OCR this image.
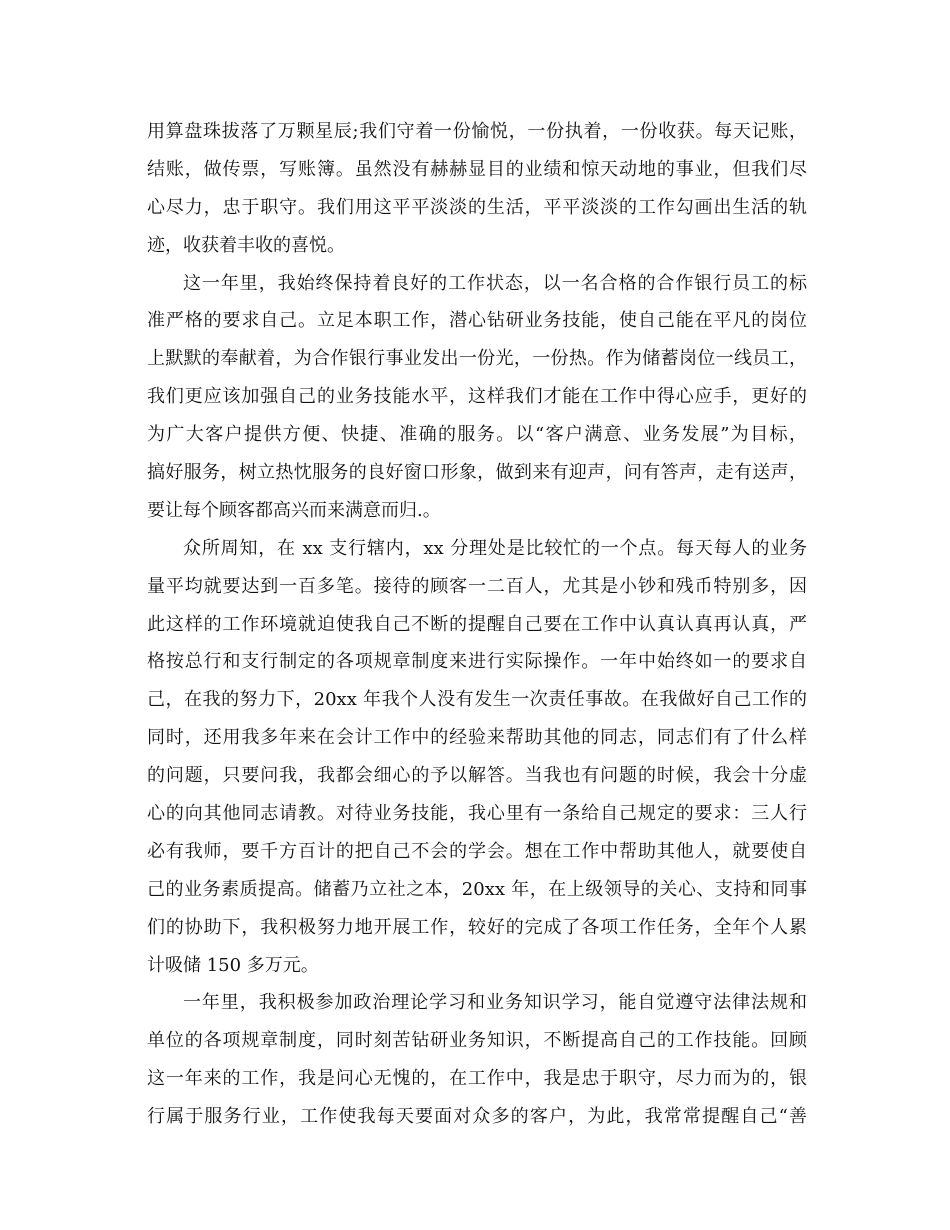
用算盘珠拔落了万颗星辰;我们守着一份愉悦，一份执着，一份收获。每天记账，
结账，做传票，写账簿。虽然没有赫赫显目的业绩和惊天动地的事业，但我们尽
心尽力，忠于职守。我们用这平平淡淡的生活，平平淡淡的工作勾画出生活的轨
迹，收获着丰收的喜悦。
这一年里，我始终保持着良好的工作状态，以一名合格的合作银行员工的标
准严格的要求自己。立足本职工作，潜心钻研业务技能，使自己能在平凡的岗位
上默默的奉献着，为合作银行事业发出一份光，一份热。作为储蓄岗位一线员工，
我们更应该加强自己的业务技能水平，这样我们才能在工作中得心应手，更好的
为广大客户提供方便、快捷、准确的服务。以“客户满意、业务发展”为目标，
搞好服务，树立热忱服务的良好窗口形象，做到来有迎声，问有答声，走有送声，
要让每个顾客都高兴而来满意而归.。
众所周知，在 xx 支行辖内，xx 分理处是比较忙的一个点。每天每人的业务
量平均就要达到一百多笔。接待的顾客一二百人，尤其是小钞和残币特别多，因
此这样的工作环境就迫使我自己不断的提醒自己要在工作中认真认真再认真，严
格按总行和支行制定的各项规章制度来进行实际操作。一年中始终如一的要求自
己，在我的努力下，20xx 年我个人没有发生一次责任事故。在我做好自己工作的
同时，还用我多年来在会计工作中的经验来帮助其他的同志，同志们有了什么样
的问题，只要问我，我都会细心的予以解答。当我也有问题的时候，我会十分虚
心的向其他同志请教。对待业务技能，我心里有一条给自己规定的要求：三人行
必有我师，要千方百计的把自己不会的学会。想在工作中帮助其他人，就要使自
己的业务素质提高。储蓄乃立社之本，20xx 年，在上级领导的关心、支持和同事
们的协助下，我积极努力地开展工作，较好的完成了各项工作任务，全年个人累
计吸储 150 多万元。
一年里，我积极参加政治理论学习和业务知识学习，能自觉遵守法律法规和
单位的各项规章制度，同时刻苦钻研业务知识，不断提高自己的工作技能。回顾
这一年来的工作，我是问心无愧的，在工作中，我是忠于职守，尽力而为的，银
行属于服务行业，工作使我每天要面对众多的客户，为此，我常常提醒自己“善
